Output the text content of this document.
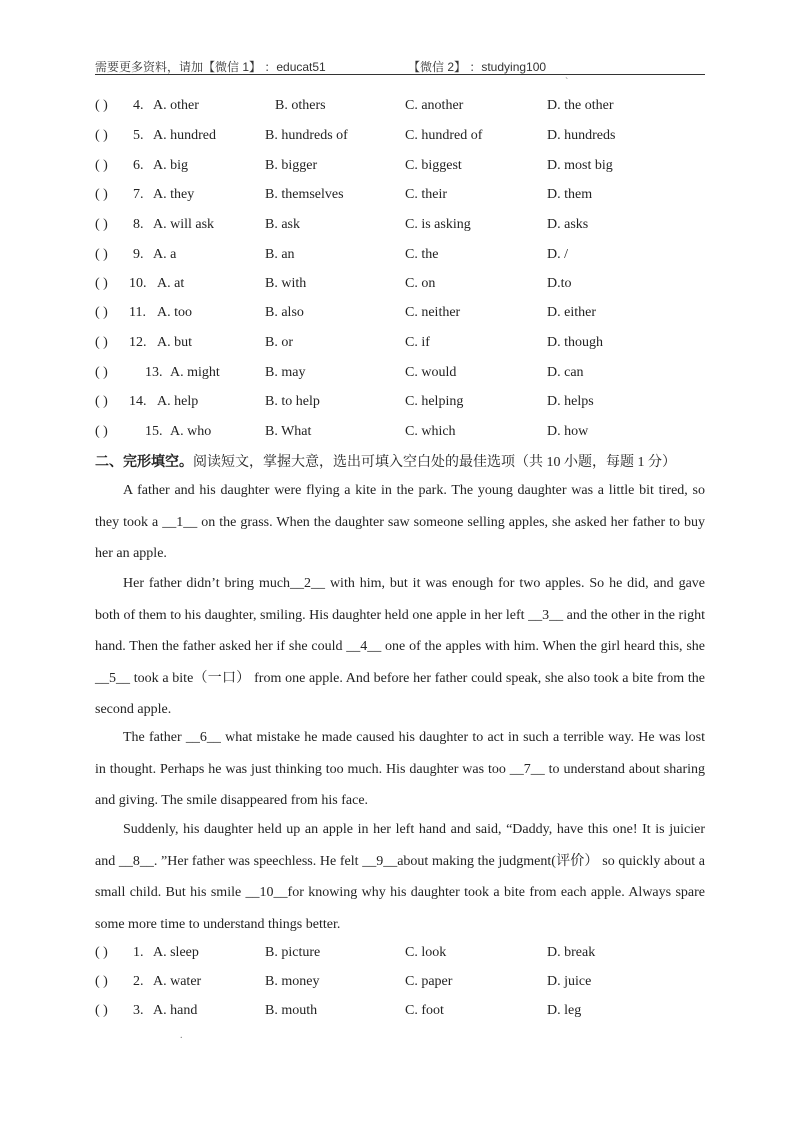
需要更多资料，请加【微信 1】 ：educat51	【微信 2】 ：studying100
`
( ) 4. A. other	B. others	C. another	D. the other
( ) 5. A. hundred	B. hundreds of	C. hundred of	D. hundreds
( ) 6. A. big	B. bigger	C. biggest	D. most big
( ) 7. A. they	B. themselves	C. their	D. them
( ) 8. A. will ask	B. ask	C. is asking	D. asks
( ) 9. A. a	B. an	C. the	D. /
( ) 10. A. at	B. with	C. on	D.to
( ) 11. A. too	B. also	C. neither	D. either
( ) 12. A. but	B. or	C. if	D. though
( )	13. A. might	B. may	C. would	D. can
( ) 14. A. help	B. to help	C. helping	D. helps
( )	15. A. who	B. What	C. which	D. how
二、完形填空。阅读短文，掌握大意，选出可填入空白处的最佳选项（共 10 小题，每题 1 分）
A father and his daughter were flying a kite in the park. The young daughter was a little bit tired, so they took a __1__ on the grass. When the daughter saw someone selling apples, she asked her father to buy her an apple.
Her father didn’t bring much__2__ with him, but it was enough for two apples. So he did, and gave both of them to his daughter, smiling. His daughter held one apple in her left __3__ and the other in the right hand. Then the father asked her if she could __4__ one of the apples with him. When the girl heard this, she __5__ took a bite（一口） from one apple. And before her father could speak, she also took a bite from the second apple.
The father __6__ what mistake he made caused his daughter to act in such a terrible way. He was lost in thought. Perhaps he was just thinking too much. His daughter was too __7__ to understand about sharing and giving. The smile disappeared from his face.
Suddenly, his daughter held up an apple in her left hand and said, “Daddy, have this one! It is juicier and __8__. ”Her father was speechless. He felt __9__about making the judgment(评价） so quickly about a small child. But his smile __10__for knowing why his daughter took a bite from each apple. Always spare some more time to understand things better.
( ) 1. A. sleep	B. picture	C. look	D. break
( ) 2. A. water	B. money	C. paper	D. juice
( ) 3. A. hand	B. mouth	C. foot	D. leg
.
